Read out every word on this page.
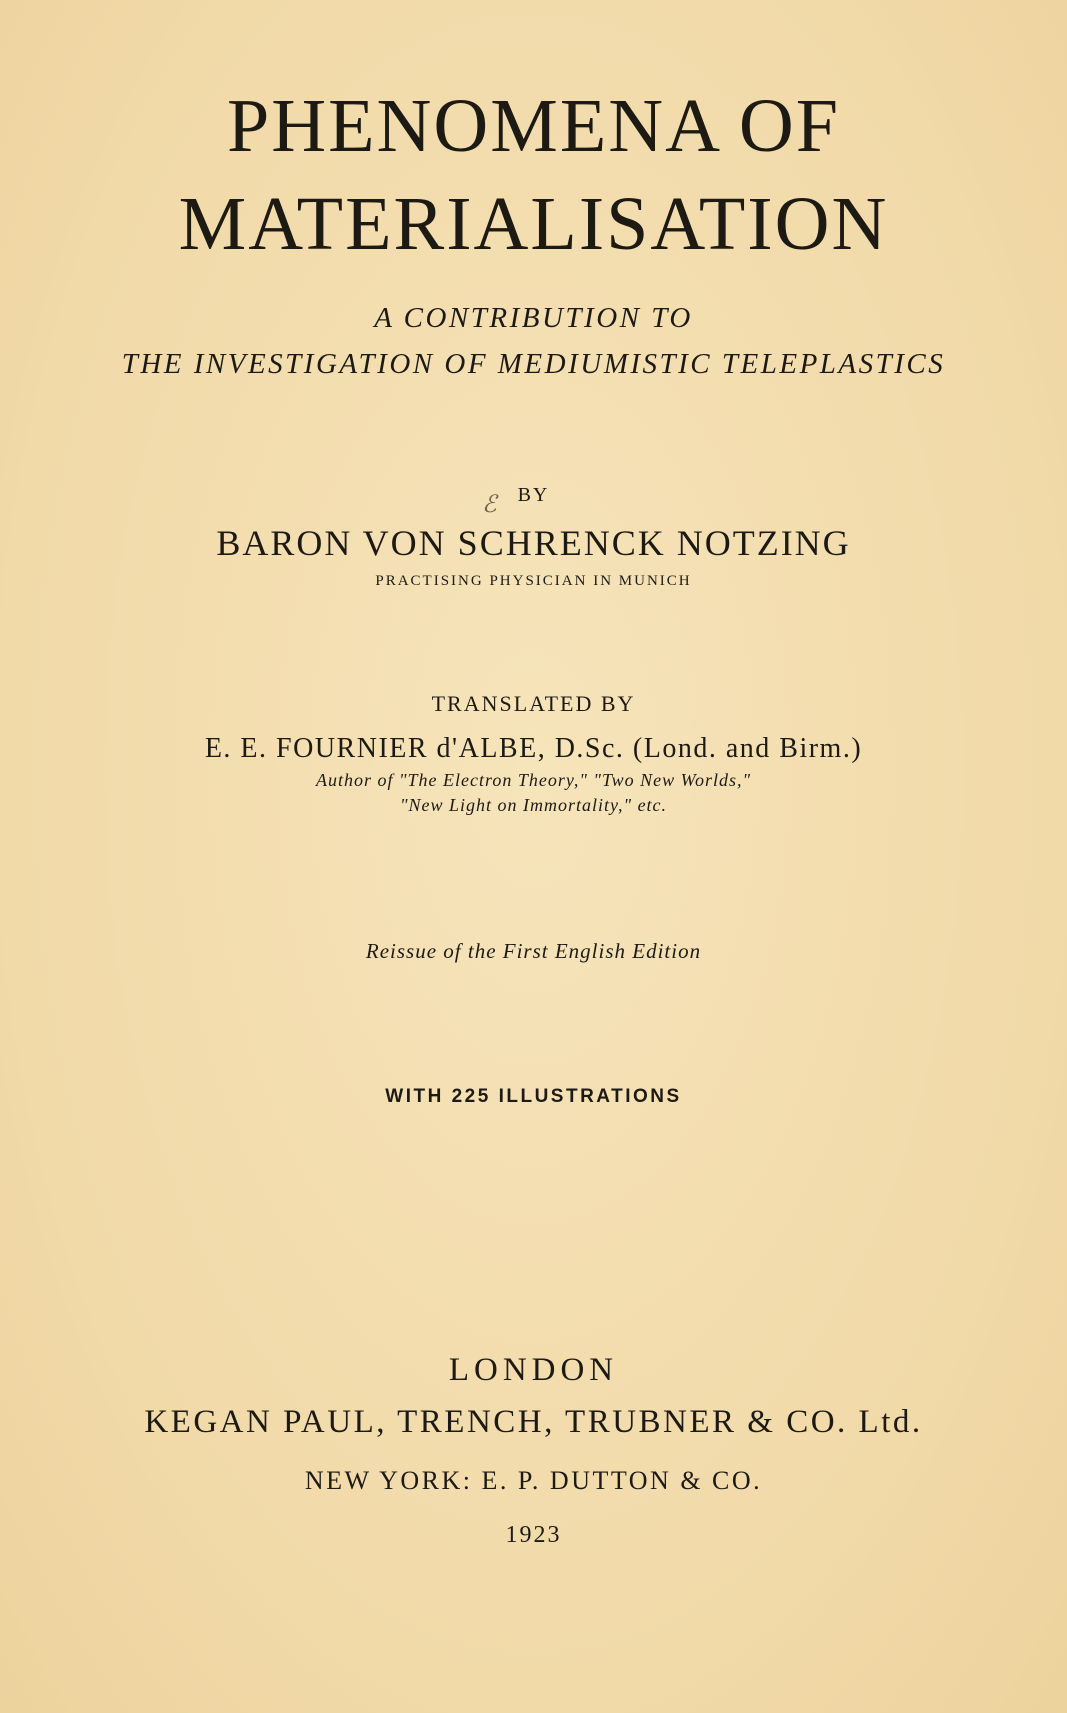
PHENOMENA OF
MATERIALISATION
A CONTRIBUTION TO
THE INVESTIGATION OF MEDIUMISTIC TELEPLASTICS
ℰ	BY
BARON VON SCHRENCK NOTZING
PRACTISING PHYSICIAN IN MUNICH
TRANSLATED BY
E. E. FOURNIER d'ALBE, D.Sc. (Lond. and Birm.)
Author of "The Electron Theory," "Two New Worlds,"
"New Light on Immortality," etc.
Reissue of the First English Edition
WITH 225 ILLUSTRATIONS
LONDON
KEGAN PAUL, TRENCH, TRUBNER & CO. Ltd.
NEW YORK: E. P. DUTTON & CO.
1923
